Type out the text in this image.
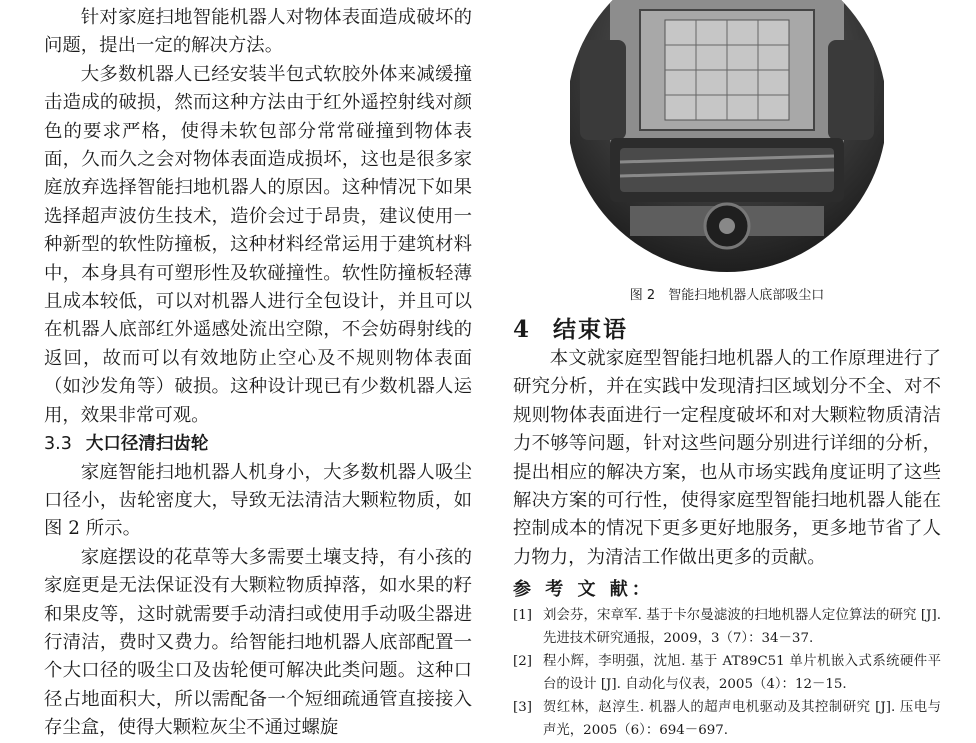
针对家庭扫地智能机器人对物体表面造成破坏的问题，提出一定的解决方法。

大多数机器人已经安装半包式软胶外体来减缓撞击造成的破损，然而这种方法由于红外遥控射线对颜色的要求严格，使得未软包部分常常碰撞到物体表面，久而久之会对物体表面造成损坏，这也是很多家庭放弃选择智能扫地机器人的原因。这种情况下如果选择超声波仿生技术，造价会过于昂贵，建议使用一种新型的软性防撞板，这种材料经常运用于建筑材料中，本身具有可塑形性及软碰撞性。软性防撞板轻薄且成本较低，可以对机器人进行全包设计，并且可以在机器人底部红外遥感处流出空隙，不会妨碍射线的返回，故而可以有效地防止空心及不规则物体表面（如沙发角等）破损。这种设计现已有少数机器人运用，效果非常可观。

3.3 大口径清扫齿轮

家庭智能扫地机器人机身小，大多数机器人吸尘口径小，齿轮密度大，导致无法清洁大颗粒物质，如图 2 所示。

家庭摆设的花草等大多需要土壤支持，有小孩的家庭更是无法保证没有大颗粒物质掉落，如水果的籽和果皮等，这时就需要手动清扫或使用手动吸尘器进行清洁，费时又费力。给智能扫地机器人底部配置一个大口径的吸尘口及齿轮便可解决此类问题。这种口径占地面积大，所以需配备一个短细疏通管直接接入存尘盒，使得大颗粒灰尘不通过螺旋

图 2　智能扫地机器人底部吸尘口

4 结束语

本文就家庭型智能扫地机器人的工作原理进行了研究分析，并在实践中发现清扫区域划分不全、对不规则物体表面进行一定程度破坏和对大颗粒物质清洁力不够等问题，针对这些问题分别进行详细的分析，提出相应的解决方案，也从市场实践角度证明了这些解决方案的可行性，使得家庭型智能扫地机器人能在控制成本的情况下更多更好地服务，更多地节省了人力物力，为清洁工作做出更多的贡献。

参 考 文 献：
[1] 刘会芬，宋章军. 基于卡尔曼滤波的扫地机器人定位算法的研究 [J]. 先进技术研究通报，2009，3（7）：34－37.
[2] 程小辉，李明强，沈旭. 基于 AT89C51 单片机嵌入式系统硬件平台的设计 [J]. 自动化与仪表，2005（4）：12－15.
[3] 贺红林，赵淳生. 机器人的超声电机驱动及其控制研究 [J]. 压电与声光，2005（6）：694－697.
